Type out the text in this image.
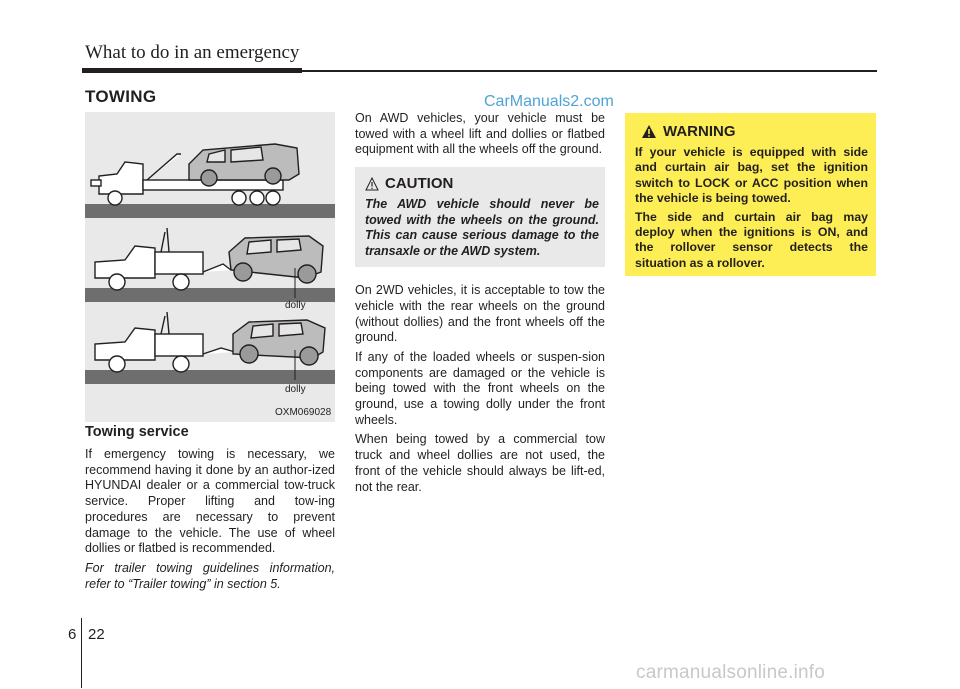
What to do in an emergency
TOWING	CarManuals2.com
dolly
dolly
OXM069028
Towing service

If emergency towing is necessary, we recommend having it done by an author-ized HYUNDAI dealer or a commercial tow-truck service. Proper lifting and tow-ing procedures are necessary to prevent damage to the vehicle. The use of wheel dollies or flatbed is recommended.

For trailer towing guidelines information, refer to “Trailer towing” in section 5.

On AWD vehicles, your vehicle must be towed with a wheel lift and dollies or flatbed equipment with all the wheels off the ground.

CAUTION

The AWD vehicle should never be towed with the wheels on the ground. This can cause serious damage to the transaxle or the AWD system.

On 2WD vehicles, it is acceptable to tow the vehicle with the rear wheels on the ground (without dollies) and the front wheels off the ground.

If any of the loaded wheels or suspen-sion components are damaged or the vehicle is being towed with the front wheels on the ground, use a towing dolly under the front wheels.

When being towed by a commercial tow truck and wheel dollies are not used, the front of the vehicle should always be lift-ed, not the rear.

WARNING

If your vehicle is equipped with side and curtain air bag, set the ignition switch to LOCK or ACC position when the vehicle is being towed.

The side and curtain air bag may deploy when the ignitions is ON, and the rollover sensor detects the situation as a rollover.

6 22
carmanualsonline.info
